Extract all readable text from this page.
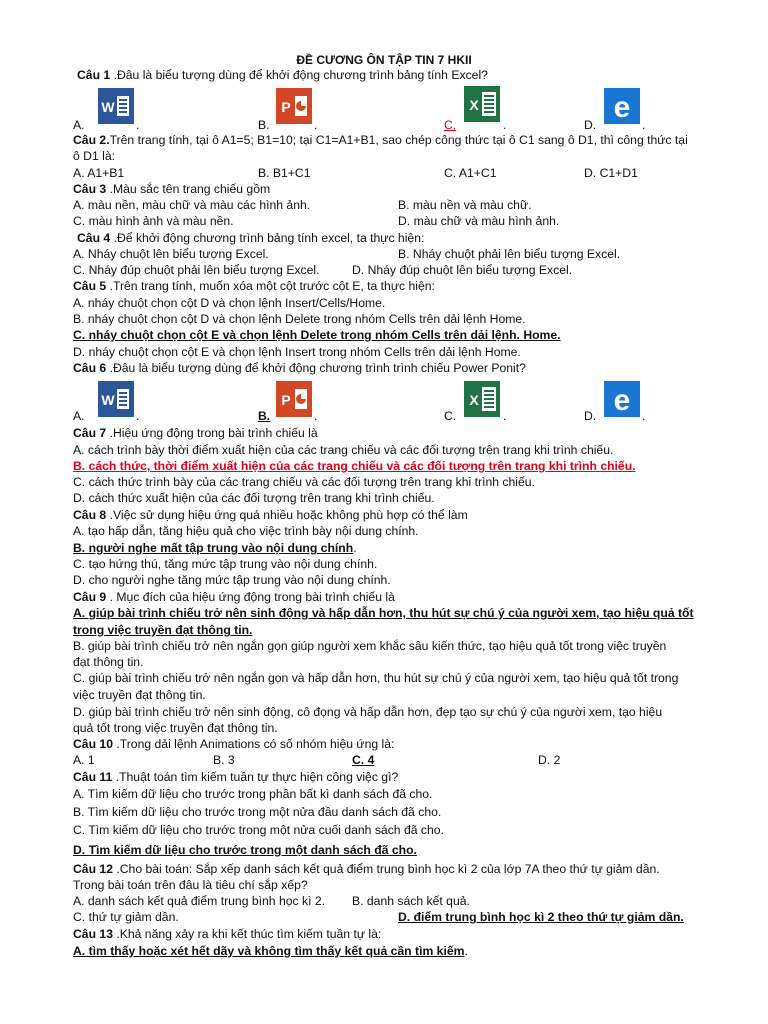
ĐỀ CƯƠNG ÔN TẬP TIN 7 HKII
Câu 1 .Đâu là biểu tượng dùng để khởi động chương trình bảng tính Excel?
A.	.	B.	.	C.	.	D.	.
Câu 2.Trên trang tính, tại ô A1=5; B1=10; tại C1=A1+B1, sao chép công thức tại ô C1 sang ô D1, thì công thức tại
ô D1 là:
A. A1+B1	B. B1+C1	C. A1+C1	D. C1+D1
Câu 3 .Màu sắc tên trang chiếu gồm
A. màu nền, màu chữ và màu các hình ảnh.	B. màu nền và màu chữ.
C. màu hình ảnh và màu nền.	D. màu chữ và màu hình ảnh.
Câu 4 .Để khởi động chương trình bảng tính excel, ta thực hiện:
A. Nháy chuột lên biểu tượng Excel.	B. Nháy chuột phải lên biểu tượng Excel.
C. Nháy đúp chuột phải lên biểu tượng Excel.	D. Nháy đúp chuột lên biểu tượng Excel.
Câu 5 .Trên trang tính, muốn xóa một cột trước cột E, ta thực hiện:
A. nháy chuột chọn cột D và chọn lệnh Insert/Cells/Home.
B. nháy chuột chọn cột D và chọn lệnh Delete trong nhóm Cells trên dải lệnh Home.
C. nháy chuột chọn cột E và chọn lệnh Delete trong nhóm Cells trên dải lệnh. Home.
D. nháy chuột chọn cột E và chọn lệnh Insert trong nhóm Cells trên dải lệnh Home.
Câu 6 .Đâu là biểu tượng dùng để khởi động chương trình trình chiếu Power Ponit?
A.	.	B.	.	C.	.	D.	.
Câu 7 .Hiệu ứng động trong bài trình chiếu là
A. cách trình bày thời điểm xuất hiện của các trang chiếu và các đối tượng trên trang khi trình chiếu.
B. cách thức, thời điểm xuất hiện của các trang chiếu và các đối tượng trên trang khi trình chiếu.
C. cách thức trình bày của các trang chiếu và các đối tượng trên trang khi trình chiếu.
D. cách thức xuất hiện của các đối tượng trên trang khi trình chiếu.
Câu 8 .Việc sử dụng hiệu ứng quá nhiều hoặc không phù hợp có thể làm
A. tạo hấp dẫn, tăng hiệu quả cho việc trình bày nội dung chính.
B. người nghe mất tập trung vào nội dung chính.
C. tạo hứng thú, tăng mức tập trung vào nội dung chính.
D. cho người nghe tăng mức tập trung vào nội dung chính.
Câu 9 . Mục đích của hiệu ứng động trong bài trình chiếu là
A. giúp bài trình chiếu trở nên sinh động và hấp dẫn hơn, thu hút sự chú ý của người xem, tạo hiệu quả tốt
trong việc truyền đạt thông tin.
B. giúp bài trình chiếu trở nên ngắn gọn giúp người xem khắc sâu kiến thức, tạo hiệu quả tốt trong việc truyền
đạt thông tin.
C. giúp bài trình chiếu trở nên ngắn gọn và hấp dẫn hơn, thu hút sự chú ý của người xem, tạo hiệu quả tốt trong
việc truyền đạt thông tin.
D. giúp bài trình chiếu trở nên sinh động, cô đọng và hấp dẫn hơn, đẹp tạo sự chú ý của người xem, tạo hiệu
quả tốt trong việc truyền đạt thông tin.
Câu 10 .Trong dải lệnh Animations có số nhóm hiệu ứng là:
A. 1	B. 3	C. 4	D. 2
Câu 11 .Thuật toán tìm kiếm tuần tự thực hiện công việc gì?
A. Tìm kiếm dữ liệu cho trước trong phần bất kì danh sách đã cho.
B. Tìm kiếm dữ liệu cho trước trong một nửa đầu danh sách đã cho.
C. Tìm kiếm dữ liệu cho trước trong một nửa cuối danh sách đã cho.
D. Tìm kiếm dữ liệu cho trước trong một danh sách đã cho.
Câu 12 .Cho bài toán: Sắp xếp danh sách kết quả điểm trung bình học kì 2 của lớp 7A theo thứ tự giảm dần.
Trong bài toán trên đâu là tiêu chí sắp xếp?
A. danh sách kết quả điểm trung bình học kì 2. B. danh sách kết quả.
C. thứ tự giảm dần.	D. điểm trung bình học kì 2 theo thứ tự giảm dần.
Câu 13 .Khả năng xảy ra khi kết thúc tìm kiếm tuần tự là:
A. tìm thấy hoặc xét hết dãy và không tìm thấy kết quả cần tìm kiếm.
